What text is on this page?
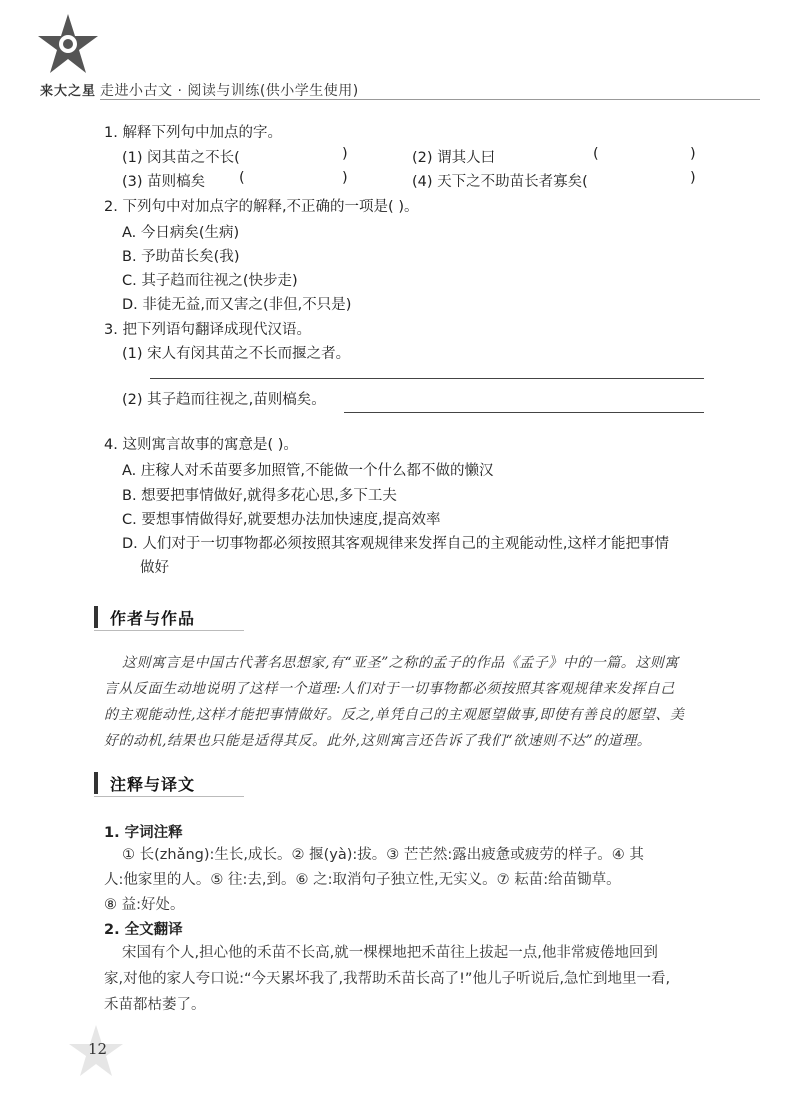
来大之星 走进小古文 · 阅读与训练(供小学生使用)
1. 解释下列句中加点的字。
(1) 闵其苗之不长(	)	(2) 谓其人曰	(	)
(3) 苗则槁矣 (	)	(4) 天下之不助苗长者寡矣(	)
2. 下列句中对加点字的解释,不正确的一项是( )。
A. 今日病矣(生病)
B. 予助苗长矣(我)
C. 其子趋而往视之(快步走)
D. 非徒无益,而又害之(非但,不只是)
3. 把下列语句翻译成现代汉语。
(1) 宋人有闵其苗之不长而揠之者。
(2) 其子趋而往视之,苗则槁矣。
4. 这则寓言故事的寓意是( )。
A. 庄稼人对禾苗要多加照管,不能做一个什么都不做的懒汉
B. 想要把事情做好,就得多花心思,多下工夫
C. 要想事情做得好,就要想办法加快速度,提高效率
D. 人们对于一切事物都必须按照其客观规律来发挥自己的主观能动性,这样才能把事情
做好
作者与作品
这则寓言是中国古代著名思想家,有“亚圣”之称的孟子的作品《孟子》中的一篇。这则寓
言从反面生动地说明了这样一个道理:人们对于一切事物都必须按照其客观规律来发挥自己
的主观能动性,这样才能把事情做好。反之,单凭自己的主观愿望做事,即使有善良的愿望、美
好的动机,结果也只能是适得其反。此外,这则寓言还告诉了我们“欲速则不达”的道理。
注释与译文
1. 字词注释
① 长(zhǎng):生长,成长。② 揠(yà):拔。③ 芒芒然:露出疲惫或疲劳的样子。④ 其
人:他家里的人。⑤ 往:去,到。⑥ 之:取消句子独立性,无实义。⑦ 耘苗:给苗锄草。
⑧ 益:好处。
2. 全文翻译
宋国有个人,担心他的禾苗不长高,就一棵棵地把禾苗往上拔起一点,他非常疲倦地回到
家,对他的家人夸口说:“今天累坏我了,我帮助禾苗长高了!”他儿子听说后,急忙到地里一看,
禾苗都枯萎了。
12
